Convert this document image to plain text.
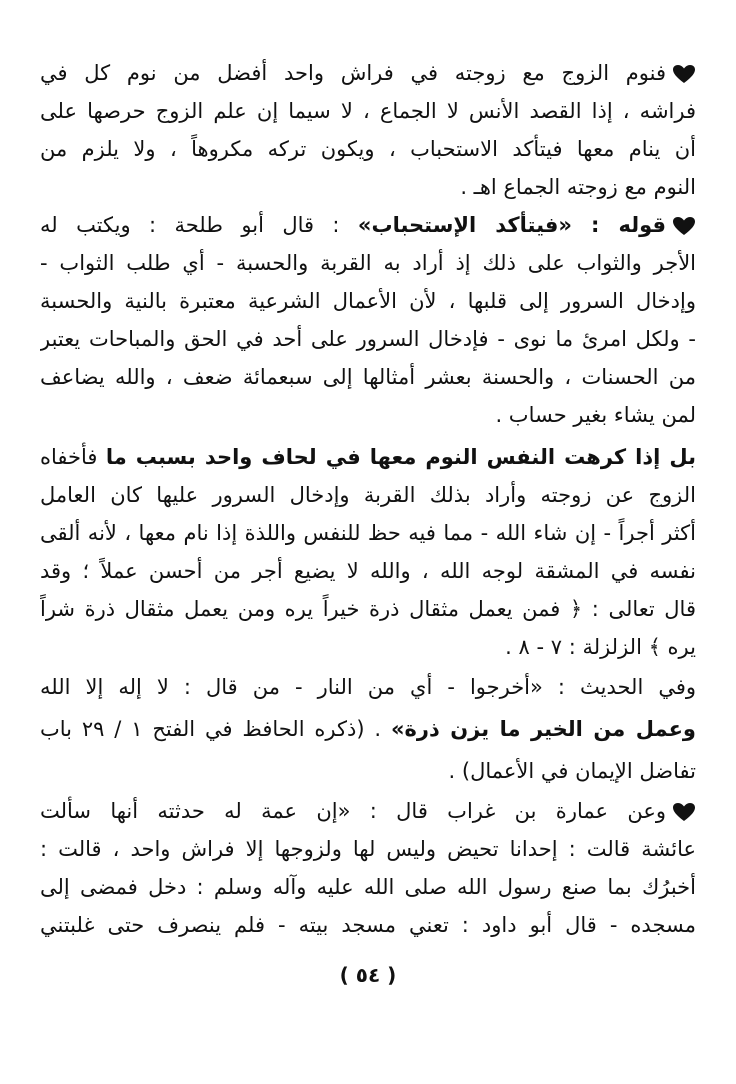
فنوم الزوج مع زوجته في فراش واحد أفضل من نوم كل في
فراشه ، إذا القصد الأنس لا الجماع ، لا سيما إن علم الزوج حرصها على
أن ينام معها فيتأكد الاستحباب ، ويكون تركه مكروهاً ، ولا يلزم من
النوم مع زوجته الجماع اهـ .
قوله : «فيتأكد الإستحباب» : قال أبو طلحة : ويكتب له
الأجر والثواب على ذلك إذ أراد به القربة والحسبة - أي طلب الثواب -
وإدخال السرور إلى قلبها ، لأن الأعمال الشرعية معتبرة بالنية والحسبة
- ولكل امرئ ما نوى - فإدخال السرور على أحد في الحق والمباحات يعتبر
من الحسنات ، والحسنة بعشر أمثالها إلى سبعمائة ضعف ، والله يضاعف
لمن يشاء بغير حساب .
بل إذا كرهت النفس النوم معها في لحاف واحد بسبب ما فأخفاه
الزوج عن زوجته وأراد بذلك القربة وإدخال السرور عليها كان العامل
أكثر أجراً - إن شاء الله - مما فيه حظ للنفس واللذة إذا نام معها ، لأنه ألقى
نفسه في المشقة لوجه الله ، والله لا يضيع أجر من أحسن عملاً ؛ وقد
قال تعالى : ﴿ فمن يعمل مثقال ذرة خيراً يره ومن يعمل مثقال ذرة شراً
يره ﴾ الزلزلة : ٧ - ٨ .
وفي الحديث : «أخرجوا - أي من النار - من قال : لا إله إلا الله
وعمل من الخير ما يزن ذرة» . (ذكره الحافظ في الفتح ١ / ٢٩ باب
تفاضل الإيمان في الأعمال) .
وعن عمارة بن غراب قال : «إن عمة له حدثته أنها سألت
عائشة قالت : إحدانا تحيض وليس لها ولزوجها إلا فراش واحد ، قالت :
أخبرُك بما صنع رسول الله صلى الله عليه وآله وسلم : دخل فمضى إلى
مسجده - قال أبو داود : تعني مسجد بيته - فلم ينصرف حتى غلبتني
( ٥٤ )
